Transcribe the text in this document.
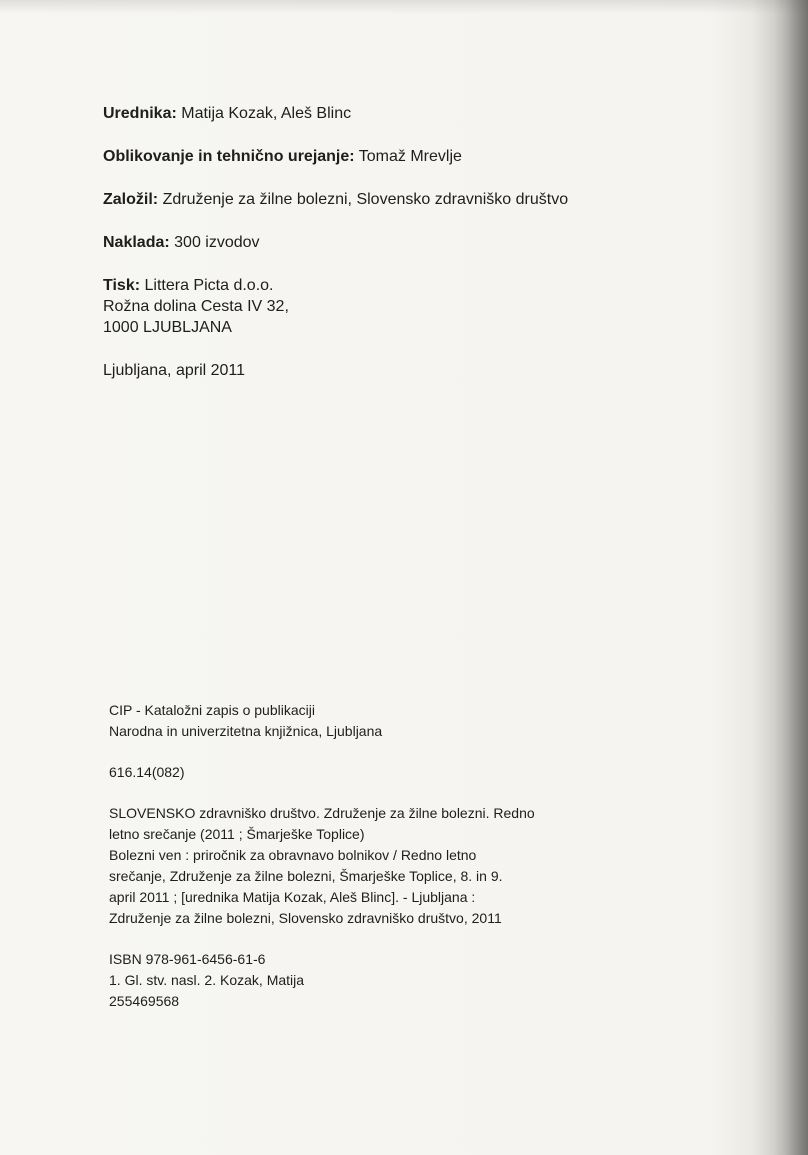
Urednika: Matija Kozak, Aleš Blinc

Oblikovanje in tehnično urejanje: Tomaž Mrevlje

Založil: Združenje za žilne bolezni, Slovensko zdravniško društvo

Naklada: 300 izvodov

Tisk: Littera Picta d.o.o.
Rožna dolina Cesta IV 32,
1000 LJUBLJANA

Ljubljana, april 2011

CIP - Kataložni zapis o publikaciji
Narodna in univerzitetna knjižnica, Ljubljana

616.14(082)

SLOVENSKO zdravniško društvo. Združenje za žilne bolezni. Redno
letno srečanje (2011 ; Šmarješke Toplice)
Bolezni ven : priročnik za obravnavo bolnikov / Redno letno
srečanje, Združenje za žilne bolezni, Šmarješke Toplice, 8. in 9.
april 2011 ; [urednika Matija Kozak, Aleš Blinc]. - Ljubljana :
Združenje za žilne bolezni, Slovensko zdravniško društvo, 2011

ISBN 978-961-6456-61-6
1. Gl. stv. nasl. 2. Kozak, Matija
255469568
